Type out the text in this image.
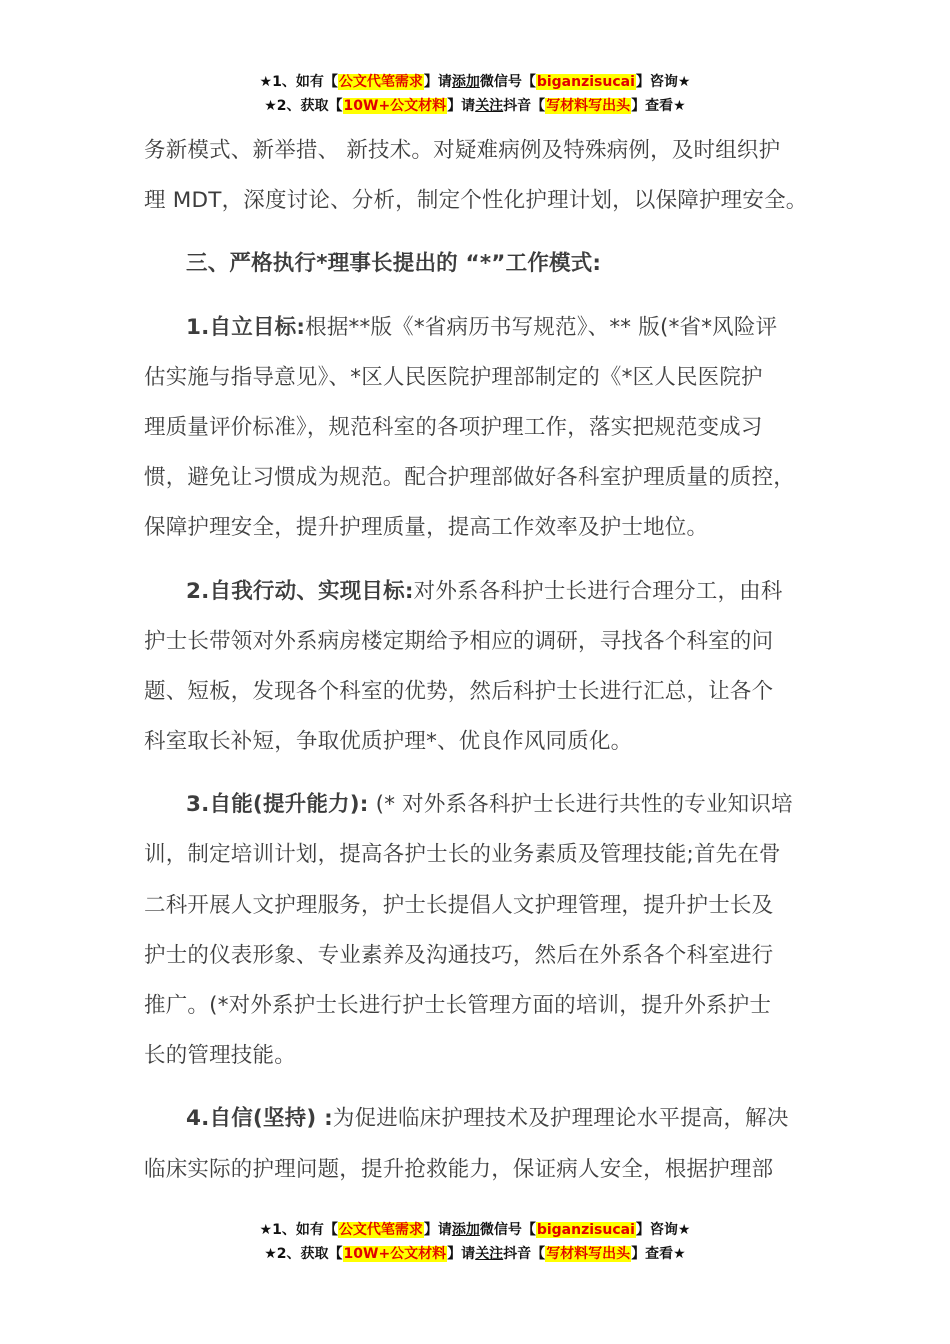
★1、如有【公文代笔需求】请添加微信号【biganzisucai】咨询★
★2、获取【10W+公文材料】请关注抖音【写材料写出头】查看★
务新模式、新举措、 新技术。对疑难病例及特殊病例，及时组织护
理 MDT，深度讨论、分析，制定个性化护理计划，以保障护理安全。
三、严格执行*理事长提出的 “*”工作模式:
1.自立目标:根据**版《*省病历书写规范》、** 版(*省*风险评
估实施与指导意见》、*区人民医院护理部制定的《*区人民医院护
理质量评价标准》，规范科室的各项护理工作，落实把规范变成习
惯，避免让习惯成为规范。配合护理部做好各科室护理质量的质控，
保障护理安全，提升护理质量，提高工作效率及护士地位。
2.自我行动、实现目标:对外系各科护士长进行合理分工，由科
护士长带领对外系病房楼定期给予相应的调研，寻找各个科室的问
题、短板，发现各个科室的优势，然后科护士长进行汇总，让各个
科室取长补短，争取优质护理*、优良作风同质化。
3.自能(提升能力): (* 对外系各科护士长进行共性的专业知识培
训，制定培训计划，提高各护士长的业务素质及管理技能;首先在骨
二科开展人文护理服务，护士长提倡人文护理管理，提升护士长及
护士的仪表形象、专业素养及沟通技巧，然后在外系各个科室进行
推广。(*对外系护士长进行护士长管理方面的培训，提升外系护士
长的管理技能。
4.自信(坚持) :为促进临床护理技术及护理理论水平提高，解决
临床实际的护理问题，提升抢救能力，保证病人安全，根据护理部
★1、如有【公文代笔需求】请添加微信号【biganzisucai】咨询★
★2、获取【10W+公文材料】请关注抖音【写材料写出头】查看★
